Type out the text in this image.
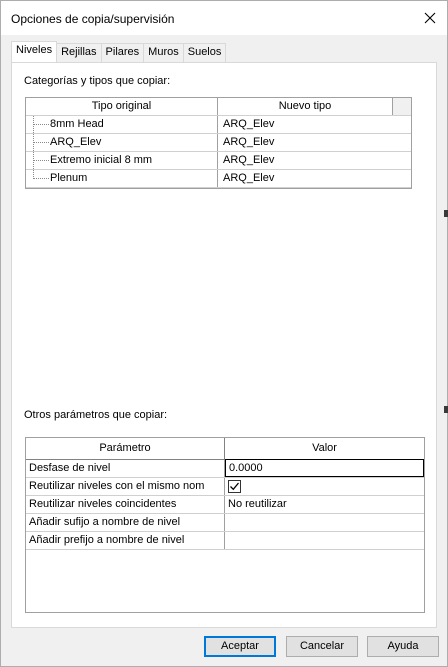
Opciones de copia/supervisión
Niveles Rejillas Pilares Muros Suelos
Categorías y tipos que copiar:
Tipo original	Nuevo tipo
8mm Head	ARQ_Elev
ARQ_Elev	ARQ_Elev
Extremo inicial 8 mm	ARQ_Elev
Plenum	ARQ_Elev
Otros parámetros que copiar:
Parámetro	Valor
Desfase de nivel	0.0000
Reutilizar niveles con el mismo nom
Reutilizar niveles coincidentes	No reutilizar
Añadir sufijo a nombre de nivel
Añadir prefijo a nombre de nivel
Aceptar	Cancelar	Ayuda
